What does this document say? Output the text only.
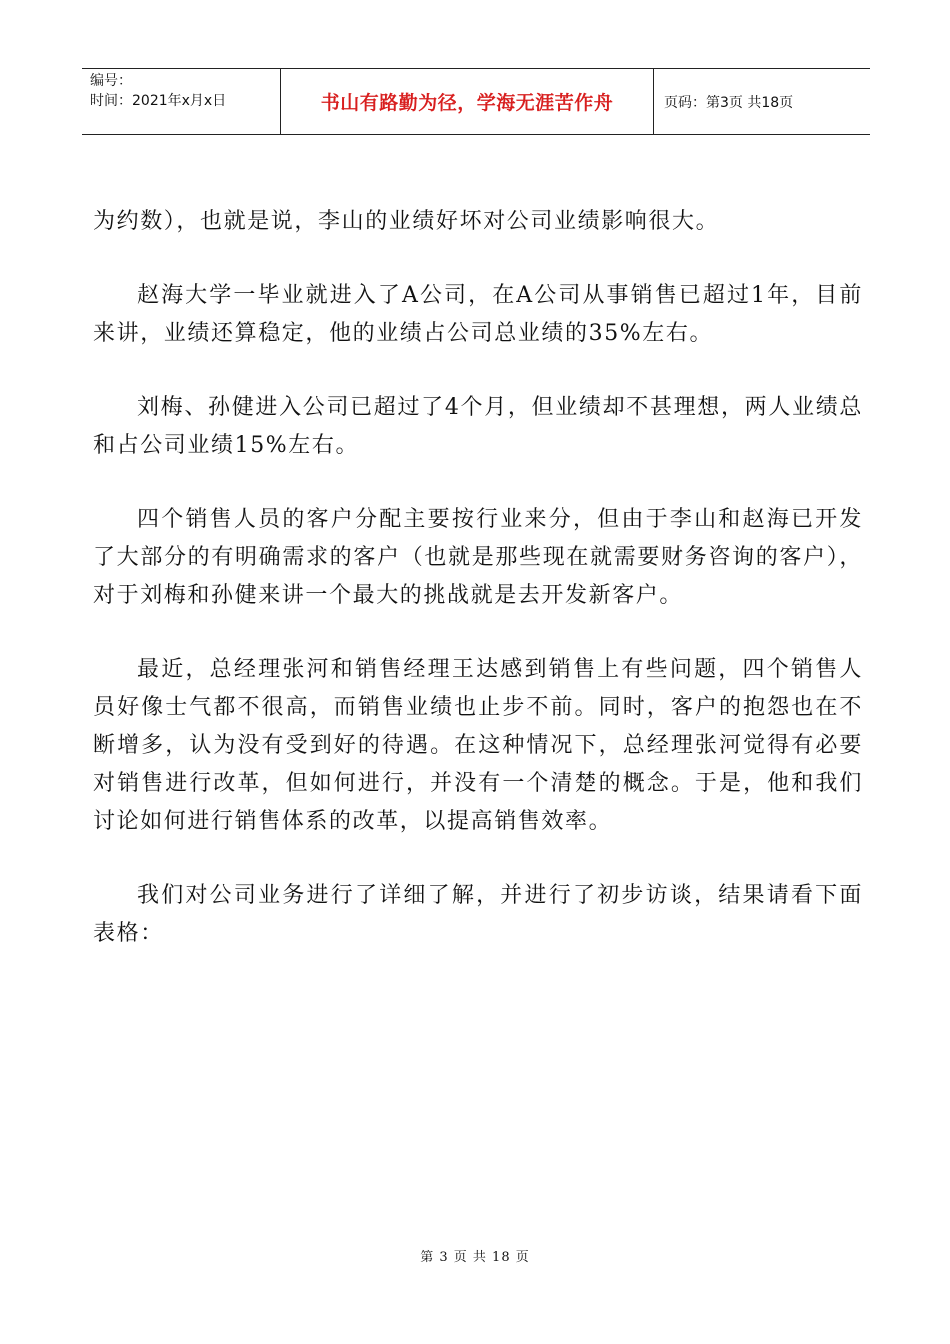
编号：
时间：2021年x月x日	书山有路勤为径，学海无涯苦作舟	页码：第3页 共18页

为约数），也就是说，李山的业绩好坏对公司业绩影响很大。

赵海大学一毕业就进入了A公司，在A公司从事销售已超过1年，目前来讲，业绩还算稳定，他的业绩占公司总业绩的35%左右。

刘梅、孙健进入公司已超过了4个月，但业绩却不甚理想，两人业绩总和占公司业绩15%左右。

四个销售人员的客户分配主要按行业来分，但由于李山和赵海已开发了大部分的有明确需求的客户（也就是那些现在就需要财务咨询的客户），对于刘梅和孙健来讲一个最大的挑战就是去开发新客户。

最近，总经理张河和销售经理王达感到销售上有些问题，四个销售人员好像士气都不很高，而销售业绩也止步不前。同时，客户的抱怨也在不断增多，认为没有受到好的待遇。在这种情况下，总经理张河觉得有必要对销售进行改革，但如何进行，并没有一个清楚的概念。于是，他和我们讨论如何进行销售体系的改革，以提高销售效率。

我们对公司业务进行了详细了解，并进行了初步访谈，结果请看下面表格：

第 3 页 共 18 页
